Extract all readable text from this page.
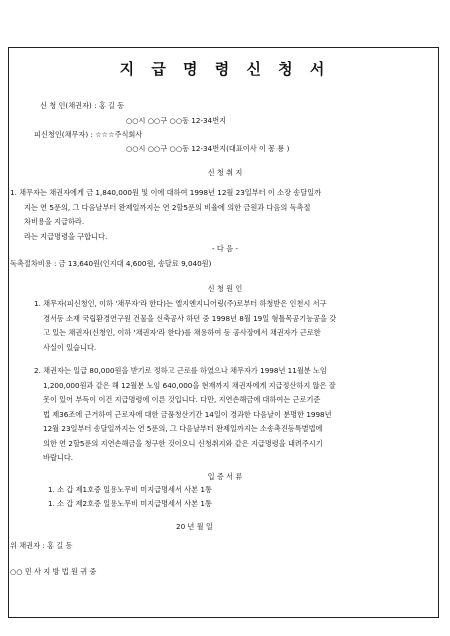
지 급 명 령 신 청 서
신 청 인(채권자) : 홍 길 동
○○시 ○○구 ○○동 12-34번지
피신청인(채무자) : ☆☆☆주식회사
○○시 ○○구 ○○동 12-34번지(대표이사 이 몽 룡 )
신 청 취 지
1. 채무자는 채권자에게 금 1,840,000원 및 이에 대하여 1998년 12월 23일부터 이 소장 송달일까
지는 연 5푼의, 그 다음날부터 완제일까지는 연 2할5푼의 비율에 의한 금원과 다음의 독촉절
차비용을 지급하라.
라는 지급명령을 구합니다.
- 다 음 -
독촉절차비용 : 금 13,640원(인지대 4,600원, 송달료 9,040원)
신 청 원 인
1. 채무자(피신청인, 이하 '채무자'라 한다)는 엘지엔지니어링(주)로부터 하청받은 인천시 서구
경서동 소재 국립환경연구원 건물을 신축공사 하던 중 1998년 8월 19일 형틀목공기능공을 갖
고 있는 채권자(신청인, 이하 '채권자'라 한다)를 채용하여 동 공사장에서 채권자가 근로한
사실이 있습니다.
2. 채권자는 일급 80,000원을 받기로 정하고 근로를 하였으나 채무자가 1998년 11월분 노임
1,200,000원과 같은 해 12월분 노임 640,000을 현재까지 채권자에게 지급정산하지 않은 잘
못이 있어 부득이 이건 지급명령에 이른 것입니다. 다만, 지연손해금에 대하여는 근로기준
법 제36조에 근거하여 근로자에 대한 금품청산기간 14일이 경과한 다음날이 분명한 1998년
12월 23일부터 송달일까지는 연 5푼의, 그 다음날부터 완제일까지는 소송촉진등특별법에
의한 연 2할5푼의 지연손해금을 청구한 것이오니 신청취지와 같은 지급명령을 내려주시기
바랍니다.
입 증 서 류
1. 소 갑 제1호증 일용노무비 미지급명세서 사본 1통
1. 소 갑 제2호증 일용노무비 미지급명세서 사본 1통
20 년 월 일
위 채권자 : 홍 길 동
○○ 민 사 지 방 법 원 귀 중
